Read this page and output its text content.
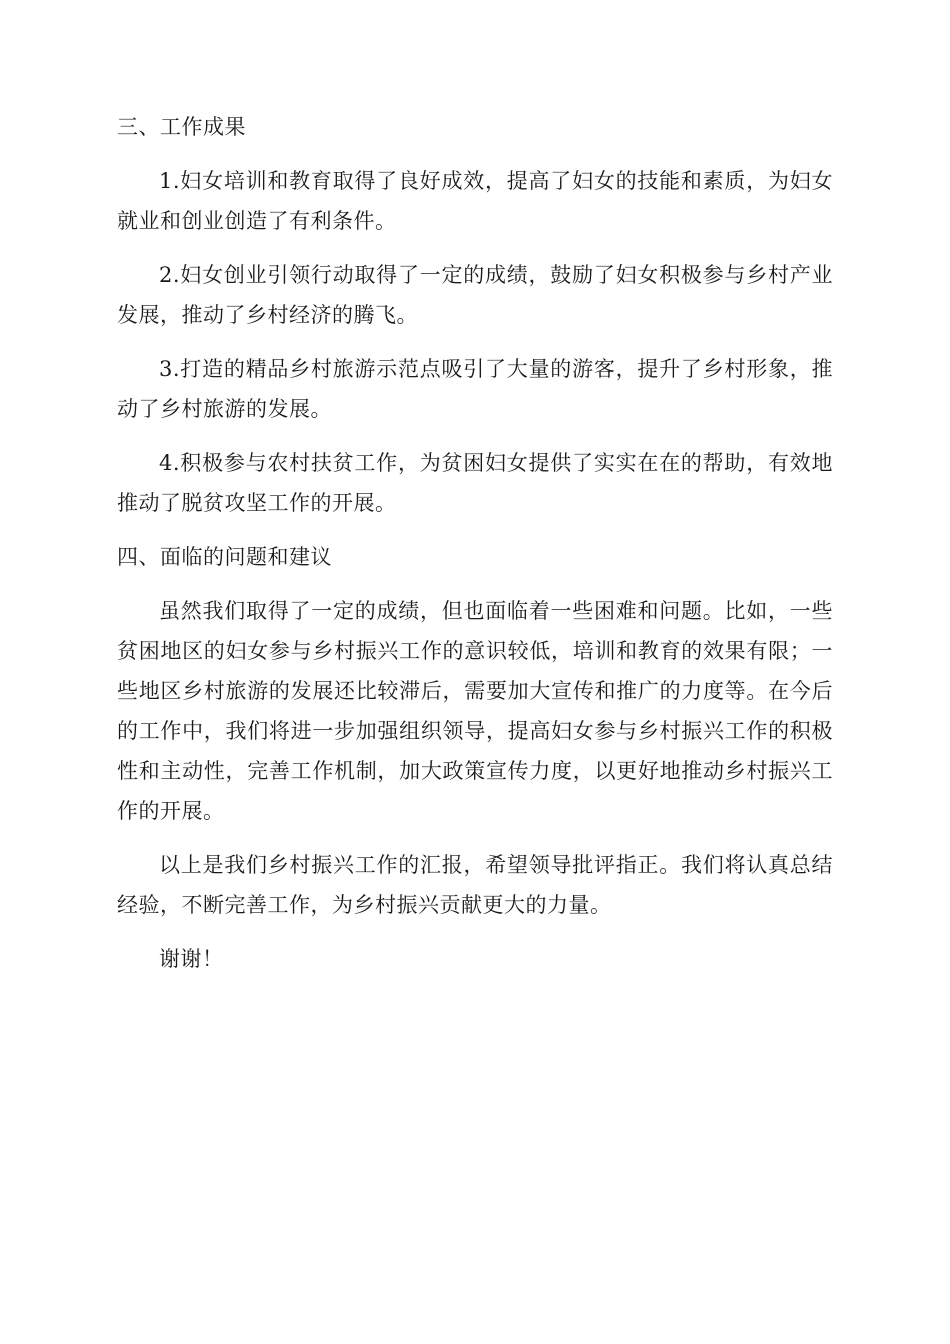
三、工作成果

1.妇女培训和教育取得了良好成效，提高了妇女的技能和素质，为妇女就业和创业创造了有利条件。

2.妇女创业引领行动取得了一定的成绩，鼓励了妇女积极参与乡村产业发展，推动了乡村经济的腾飞。

3.打造的精品乡村旅游示范点吸引了大量的游客，提升了乡村形象，推动了乡村旅游的发展。

4.积极参与农村扶贫工作，为贫困妇女提供了实实在在的帮助，有效地推动了脱贫攻坚工作的开展。

四、面临的问题和建议

虽然我们取得了一定的成绩，但也面临着一些困难和问题。比如，一些贫困地区的妇女参与乡村振兴工作的意识较低，培训和教育的效果有限；一些地区乡村旅游的发展还比较滞后，需要加大宣传和推广的力度等。在今后的工作中，我们将进一步加强组织领导，提高妇女参与乡村振兴工作的积极性和主动性，完善工作机制，加大政策宣传力度，以更好地推动乡村振兴工作的开展。

以上是我们乡村振兴工作的汇报，希望领导批评指正。我们将认真总结经验，不断完善工作，为乡村振兴贡献更大的力量。

谢谢！
